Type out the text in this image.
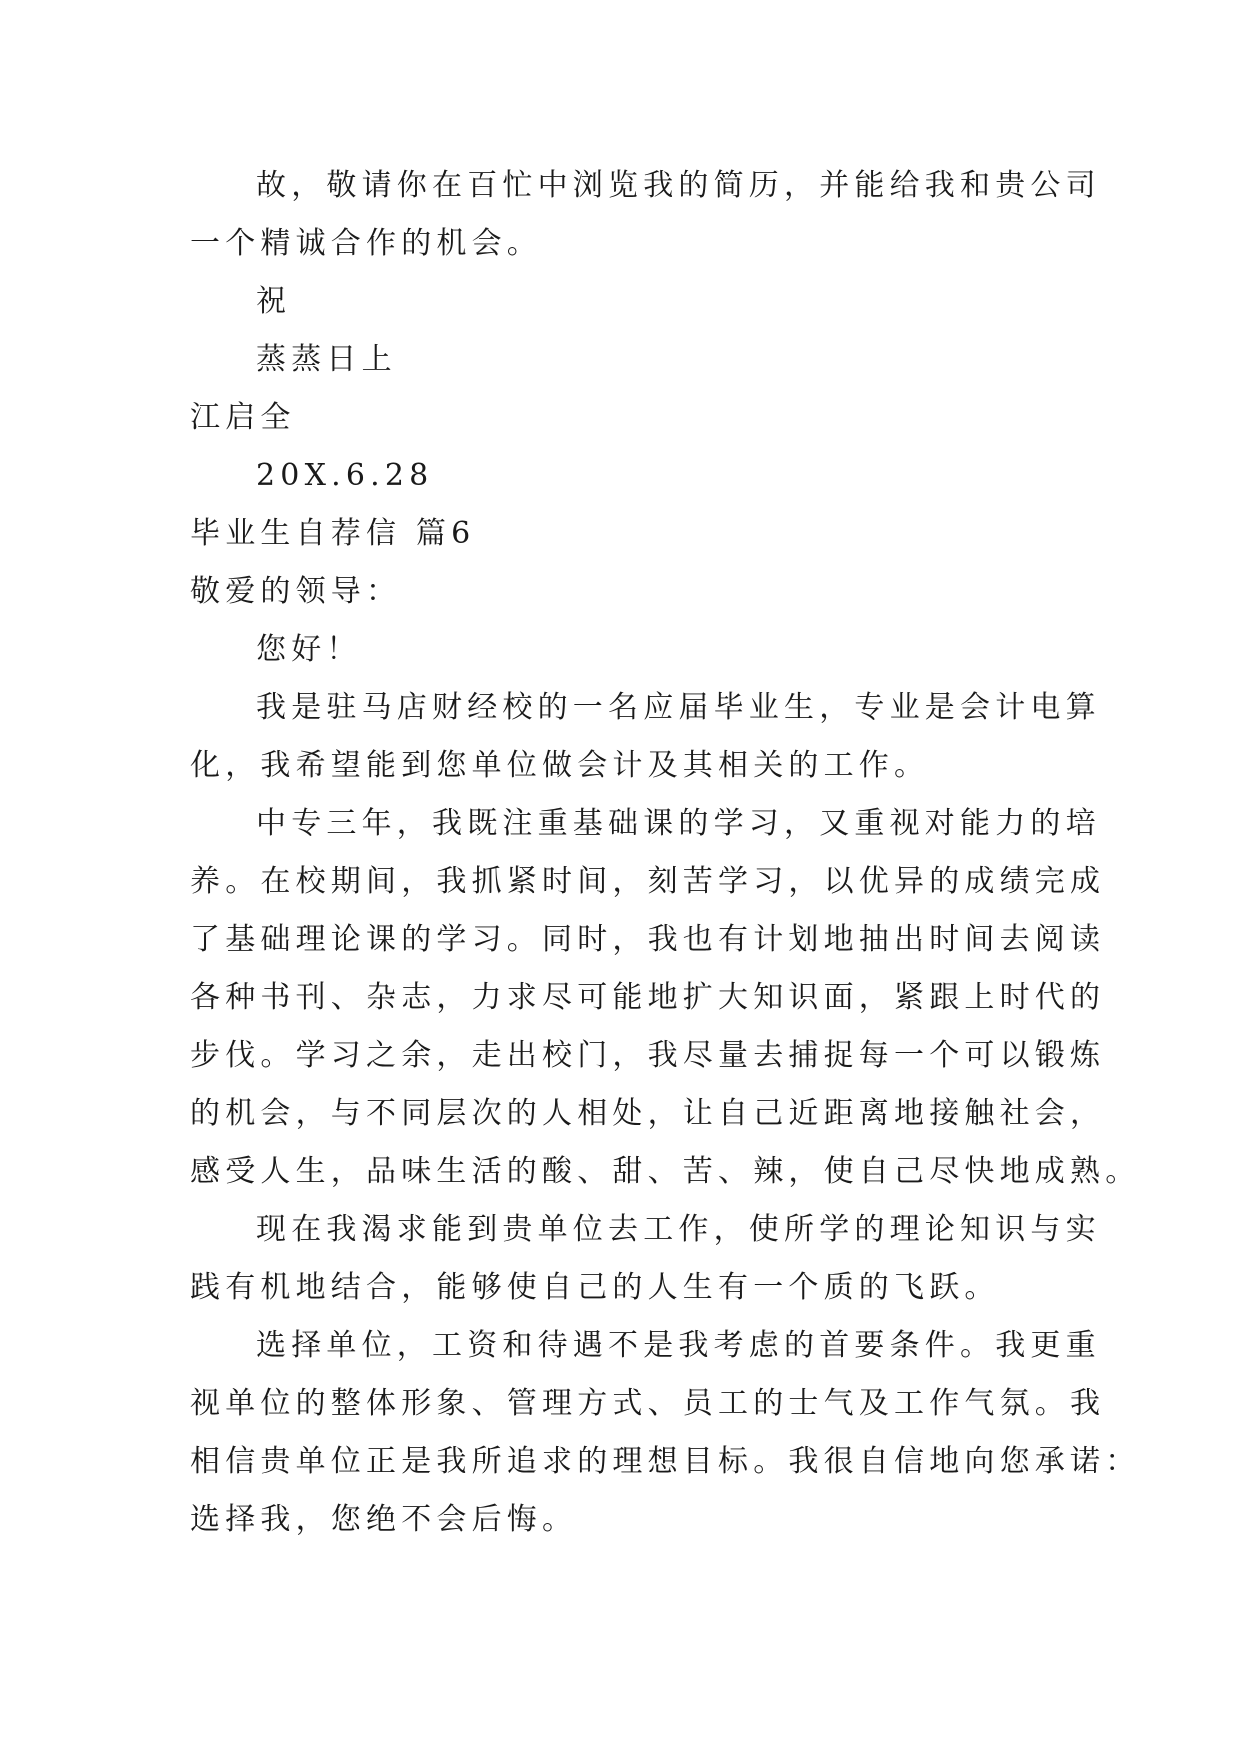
故，敬请你在百忙中浏览我的简历，并能给我和贵公司

一个精诚合作的机会。

祝

蒸蒸日上

江启全

20X.6.28

毕业生自荐信 篇6

敬爱的领导：

您好！

我是驻马店财经校的一名应届毕业生，专业是会计电算

化，我希望能到您单位做会计及其相关的工作。

中专三年，我既注重基础课的学习，又重视对能力的培

养。在校期间，我抓紧时间，刻苦学习，以优异的成绩完成

了基础理论课的学习。同时，我也有计划地抽出时间去阅读

各种书刊、杂志，力求尽可能地扩大知识面，紧跟上时代的

步伐。学习之余，走出校门，我尽量去捕捉每一个可以锻炼

的机会，与不同层次的人相处，让自己近距离地接触社会，

感受人生，品味生活的酸、甜、苦、辣，使自己尽快地成熟。

现在我渴求能到贵单位去工作，使所学的理论知识与实

践有机地结合，能够使自己的人生有一个质的飞跃。

选择单位，工资和待遇不是我考虑的首要条件。我更重

视单位的整体形象、管理方式、员工的士气及工作气氛。我

相信贵单位正是我所追求的理想目标。我很自信地向您承诺：

选择我，您绝不会后悔。
